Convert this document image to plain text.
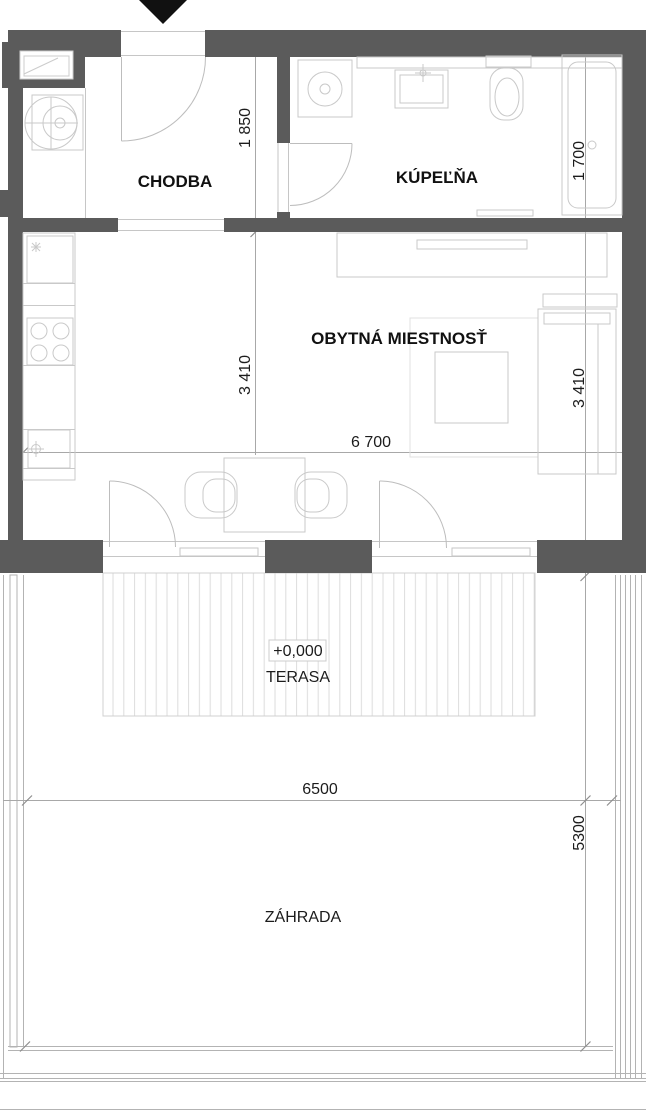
CHODBA	KÚPEĽŇA
OBYTNÁ MIESTNOSŤ
+0,000
TERASA
ZÁHRADA
1 850
1 700
3 410	3 410
6 700
6500
5300
